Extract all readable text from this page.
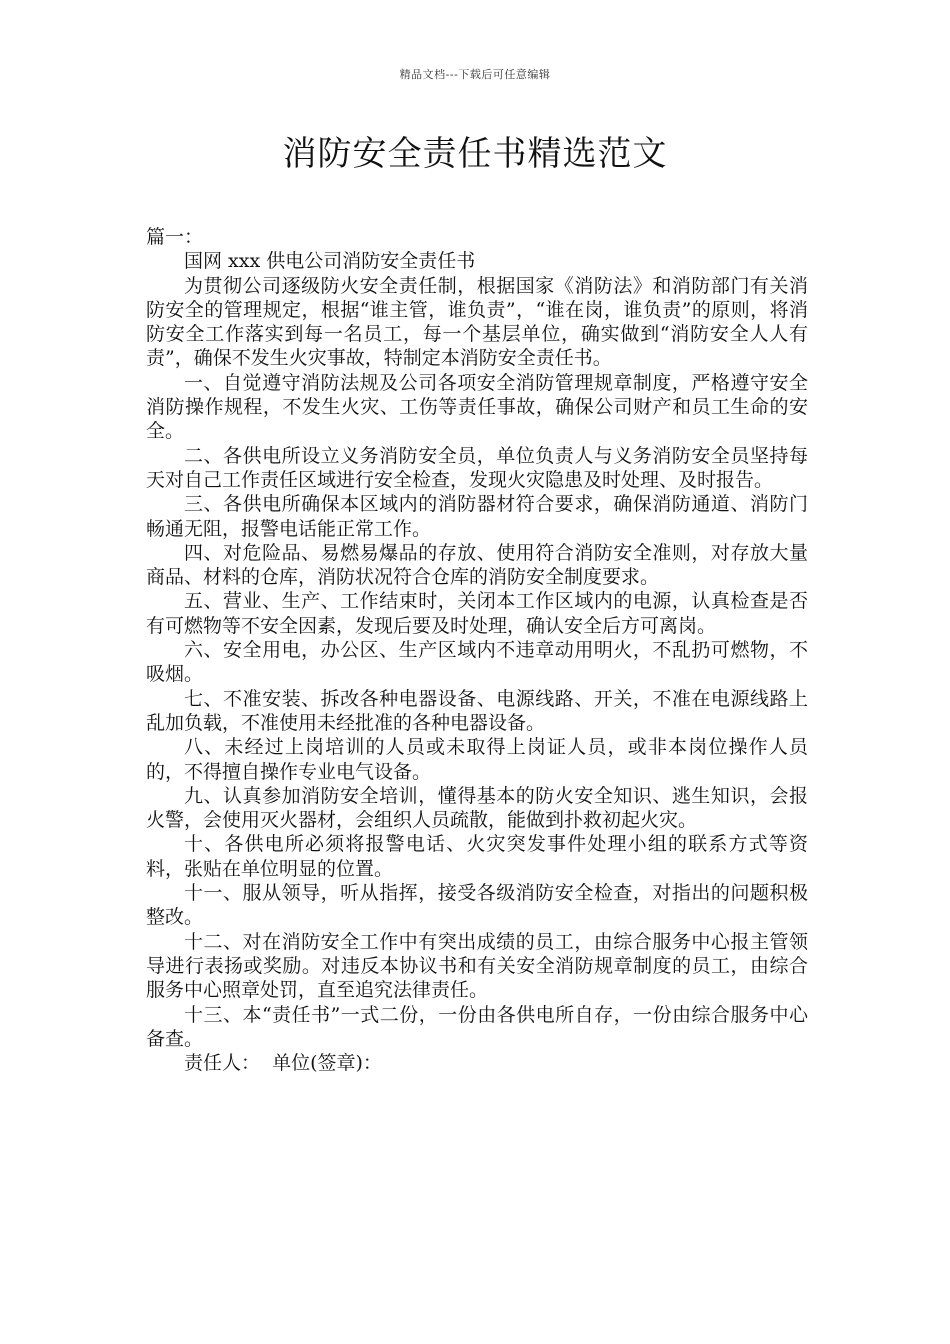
精品文档---下载后可任意编辑
消防安全责任书精选范文

篇一：

国网 xxx 供电公司消防安全责任书

为贯彻公司逐级防火安全责任制，根据国家《消防法》和消防部门有关消防安全的管理规定，根据“谁主管，谁负责”，“谁在岗，谁负责”的原则，将消防安全工作落实到每一名员工，每一个基层单位，确实做到“消防安全人人有责”，确保不发生火灾事故，特制定本消防安全责任书。

一、自觉遵守消防法规及公司各项安全消防管理规章制度，严格遵守安全消防操作规程，不发生火灾、工伤等责任事故，确保公司财产和员工生命的安全。

二、各供电所设立义务消防安全员，单位负责人与义务消防安全员坚持每天对自己工作责任区域进行安全检查，发现火灾隐患及时处理、及时报告。

三、各供电所确保本区域内的消防器材符合要求，确保消防通道、消防门畅通无阻，报警电话能正常工作。

四、对危险品、易燃易爆品的存放、使用符合消防安全准则，对存放大量商品、材料的仓库，消防状况符合仓库的消防安全制度要求。

五、营业、生产、工作结束时，关闭本工作区域内的电源，认真检查是否有可燃物等不安全因素，发现后要及时处理，确认安全后方可离岗。

六、安全用电，办公区、生产区域内不违章动用明火，不乱扔可燃物，不吸烟。

七、不准安装、拆改各种电器设备、电源线路、开关，不准在电源线路上乱加负载，不准使用未经批准的各种电器设备。

八、未经过上岗培训的人员或未取得上岗证人员，或非本岗位操作人员的，不得擅自操作专业电气设备。

九、认真参加消防安全培训，懂得基本的防火安全知识、逃生知识，会报火警，会使用灭火器材，会组织人员疏散，能做到扑救初起火灾。

十、各供电所必须将报警电话、火灾突发事件处理小组的联系方式等资料，张贴在单位明显的位置。

十一、服从领导，听从指挥，接受各级消防安全检查，对指出的问题积极整改。

十二、对在消防安全工作中有突出成绩的员工，由综合服务中心报主管领导进行表扬或奖励。对违反本协议书和有关安全消防规章制度的员工，由综合服务中心照章处罚，直至追究法律责任。

十三、本“责任书”一式二份，一份由各供电所自存，一份由综合服务中心备查。

责任人：  单位(签章)：
